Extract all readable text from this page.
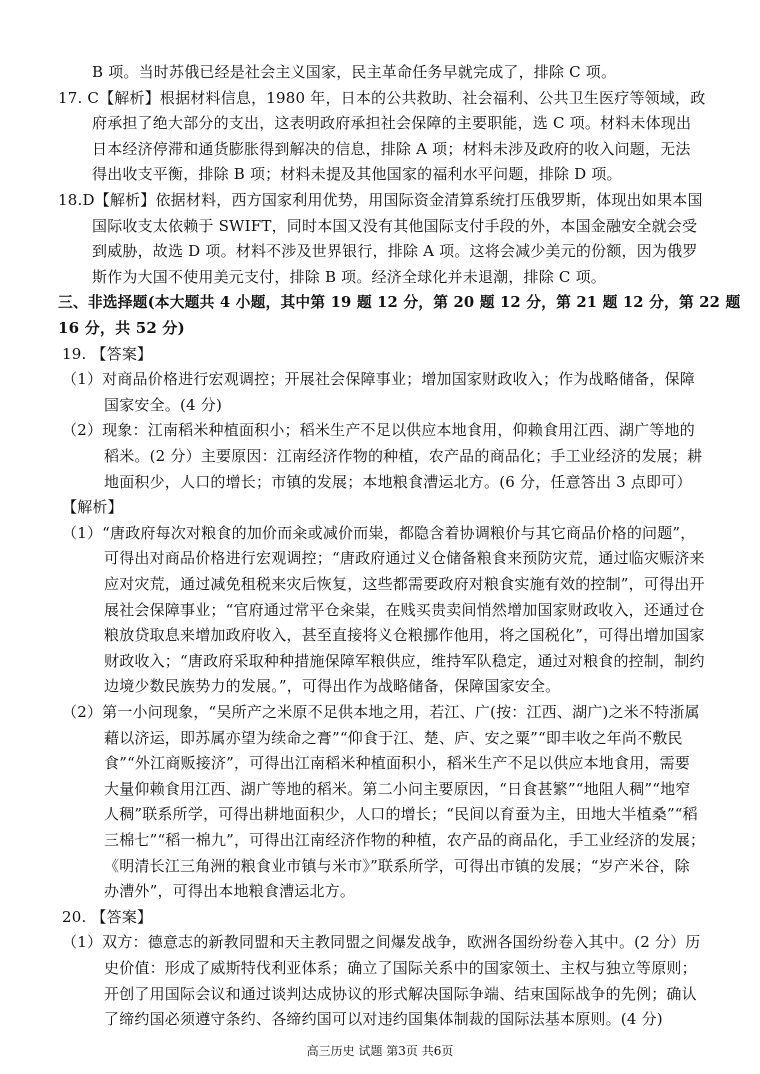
B 项。当时苏俄已经是社会主义国家，民主革命任务早就完成了，排除 C 项。
17. C【解析】根据材料信息，1980 年，日本的公共救助、社会福利、公共卫生医疗等领域，政
府承担了绝大部分的支出，这表明政府承担社会保障的主要职能，选 C 项。材料未体现出
日本经济停滞和通货膨胀得到解决的信息，排除 A 项；材料未涉及政府的收入问题，无法
得出收支平衡，排除 B 项；材料未提及其他国家的福利水平问题，排除 D 项。
18.D【解析】依据材料，西方国家利用优势，用国际资金清算系统打压俄罗斯，体现出如果本国
国际收支太依赖于 SWIFT，同时本国又没有其他国际支付手段的外，本国金融安全就会受
到威胁，故选 D 项。材料不涉及世界银行，排除 A 项。这将会减少美元的份额，因为俄罗
斯作为大国不使用美元支付，排除 B 项。经济全球化并未退潮，排除 C 项。
三、非选择题(本大题共 4 小题，其中第 19 题 12 分，第 20 题 12 分，第 21 题 12 分，第 22 题
16 分，共 52 分)
19. 【答案】
（1）对商品价格进行宏观调控；开展社会保障事业；增加国家财政收入；作为战略储备，保障
国家安全。(4 分)
（2）现象：江南稻米种植面积小；稻米生产不足以供应本地食用，仰赖食用江西、湖广等地的
稻米。(2 分）主要原因：江南经济作物的种植，农产品的商品化；手工业经济的发展；耕
地面积少，人口的增长；市镇的发展；本地粮食漕运北方。(6 分，任意答出 3 点即可）
【解析】
（1）“唐政府每次对粮食的加价而籴或减价而粜，都隐含着协调粮价与其它商品价格的问题”，
可得出对商品价格进行宏观调控；“唐政府通过义仓储备粮食来预防灾荒，通过临灾赈济来
应对灾荒，通过减免租税来灾后恢复，这些都需要政府对粮食实施有效的控制”，可得出开
展社会保障事业；“官府通过常平仓籴粜，在贱买贵卖间悄然增加国家财政收入，还通过仓
粮放贷取息来增加政府收入，甚至直接将义仓粮挪作他用，将之国税化”，可得出增加国家
财政收入；“唐政府采取种种措施保障军粮供应，维持军队稳定，通过对粮食的控制，制约
边境少数民族势力的发展。”，可得出作为战略储备，保障国家安全。
（2）第一小问现象，“吴所产之米原不足供本地之用，若江、广(按：江西、湖广)之米不特浙属
藉以济运，即苏属亦望为续命之膏”“仰食于江、楚、庐、安之粟”“即丰收之年尚不敷民
食”“外江商贩接济”，可得出江南稻米种植面积小，稻米生产不足以供应本地食用，需要
大量仰赖食用江西、湖广等地的稻米。第二小问主要原因，“日食甚繁”“地阻人稠”“地窄
人稠”联系所学，可得出耕地面积少，人口的增长；“民间以育蚕为主，田地大半植桑”“稻
三棉七”“稻一棉九”，可得出江南经济作物的种植，农产品的商品化，手工业经济的发展；
《明清长江三角洲的粮食业市镇与米市》”联系所学，可得出市镇的发展；“岁产米谷，除
办漕外”，可得出本地粮食漕运北方。
20. 【答案】
高三历史 试题 第3页 共6页
（1）双方：德意志的新教同盟和天主教同盟之间爆发战争，欧洲各国纷纷卷入其中。(2 分）历
史价值：形成了威斯特伐利亚体系；确立了国际关系中的国家领土、主权与独立等原则；
开创了用国际会议和通过谈判达成协议的形式解决国际争端、结束国际战争的先例；确认
了缔约国必须遵守条约、各缔约国可以对违约国集体制裁的国际法基本原则。(4 分)
